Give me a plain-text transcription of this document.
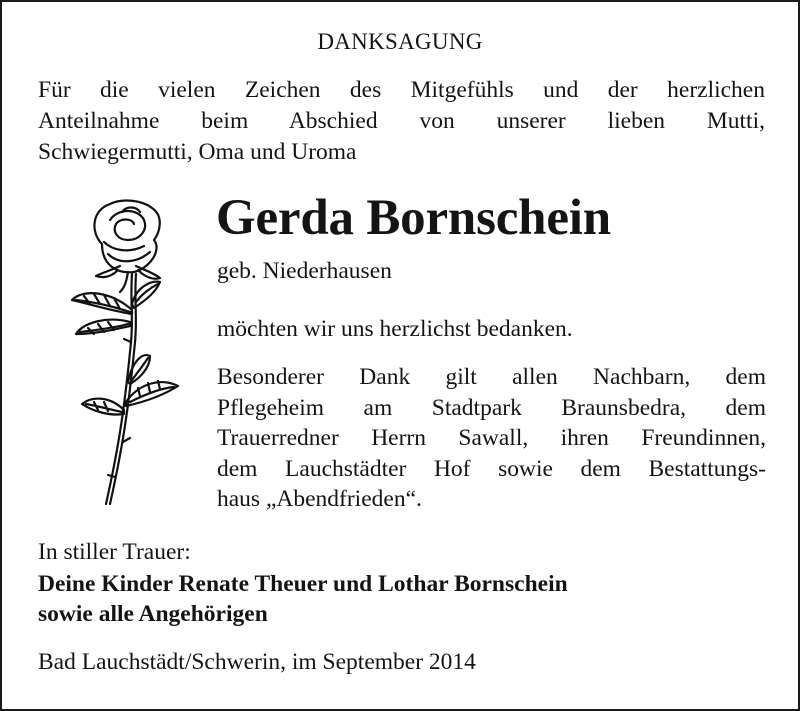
DANKSAGUNG
Für die vielen Zeichen des Mitgefühls und der herzlichen
Anteilnahme beim Abschied von unserer lieben Mutti,
Schwiegermutti, Oma und Uroma
Gerda Bornschein
geb. Niederhausen
möchten wir uns herzlichst bedanken.
Besonderer Dank gilt allen Nachbarn, dem
Pflegeheim am Stadtpark Braunsbedra, dem
Trauerredner Herrn Sawall, ihren Freundinnen,
dem Lauchstädter Hof sowie dem Bestattungs-
haus „Abendfrieden“.
In stiller Trauer:
Deine Kinder Renate Theuer und Lothar Bornschein
sowie alle Angehörigen
Bad Lauchstädt/Schwerin, im September 2014
